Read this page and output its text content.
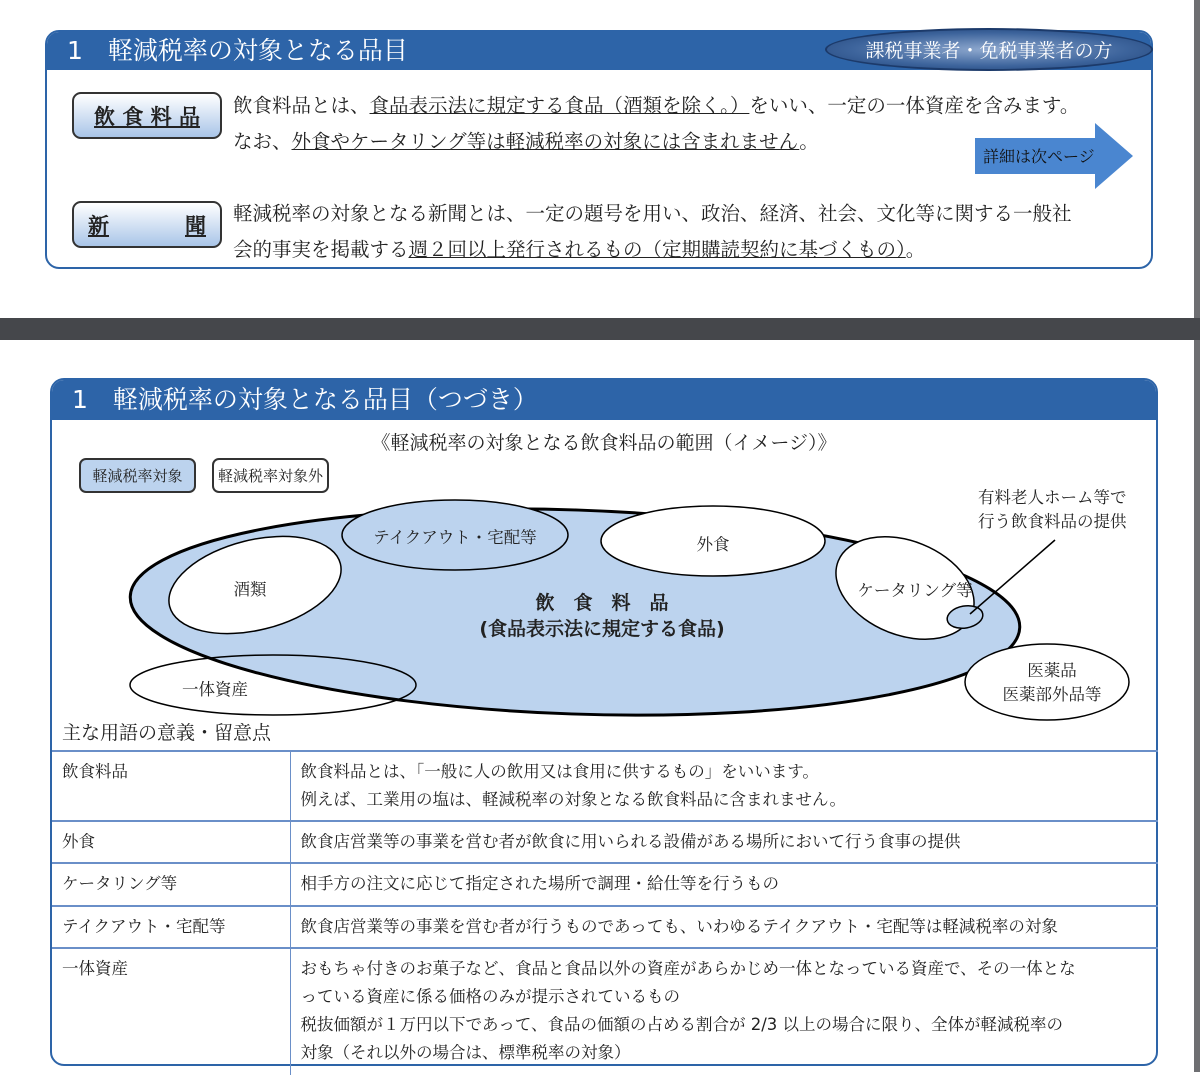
1　軽減税率の対象となる品目	課税事業者・免税事業者の方
飲 食 料 品 飲食料品とは、食品表示法に規定する食品（酒類を除く。）をいい、一定の一体資産を含みます。
なお、外食やケータリング等は軽減税率の対象には含まれません。
詳細は次ページ
新	聞 軽減税率の対象となる新聞とは、一定の題号を用い、政治、経済、社会、文化等に関する一般社
会的事実を掲載する週２回以上発行されるもの（定期購読契約に基づくもの）。
1　軽減税率の対象となる品目（つづき）
《軽減税率の対象となる飲食料品の範囲（イメージ）》
軽減税率対象 軽減税率対象外
テイクアウト・宅配等	外食
酒類	ケータリング等
一体資産
医薬品
医薬部外品等
有料老人ホーム等で
行う飲食料品の提供
飲　食　料　品
(食品表示法に規定する食品)
主な用語の意義・留意点
飲食料品	飲食料品とは、「一般に人の飲用又は食用に供するもの」をいいます。
例えば、工業用の塩は、軽減税率の対象となる飲食料品に含まれません。

外食	飲食店営業等の事業を営む者が飲食に用いられる設備がある場所において行う食事の提供

ケータリング等	相手方の注文に応じて指定された場所で調理・給仕等を行うもの

テイクアウト・宅配等	飲食店営業等の事業を営む者が行うものであっても、いわゆるテイクアウト・宅配等は軽減税率の対象

一体資産	おもちゃ付きのお菓子など、食品と食品以外の資産があらかじめ一体となっている資産で、その一体とな
っている資産に係る価格のみが提示されているもの
税抜価額が１万円以下であって、食品の価額の占める割合が 2/3 以上の場合に限り、全体が軽減税率の
対象（それ以外の場合は、標準税率の対象）
